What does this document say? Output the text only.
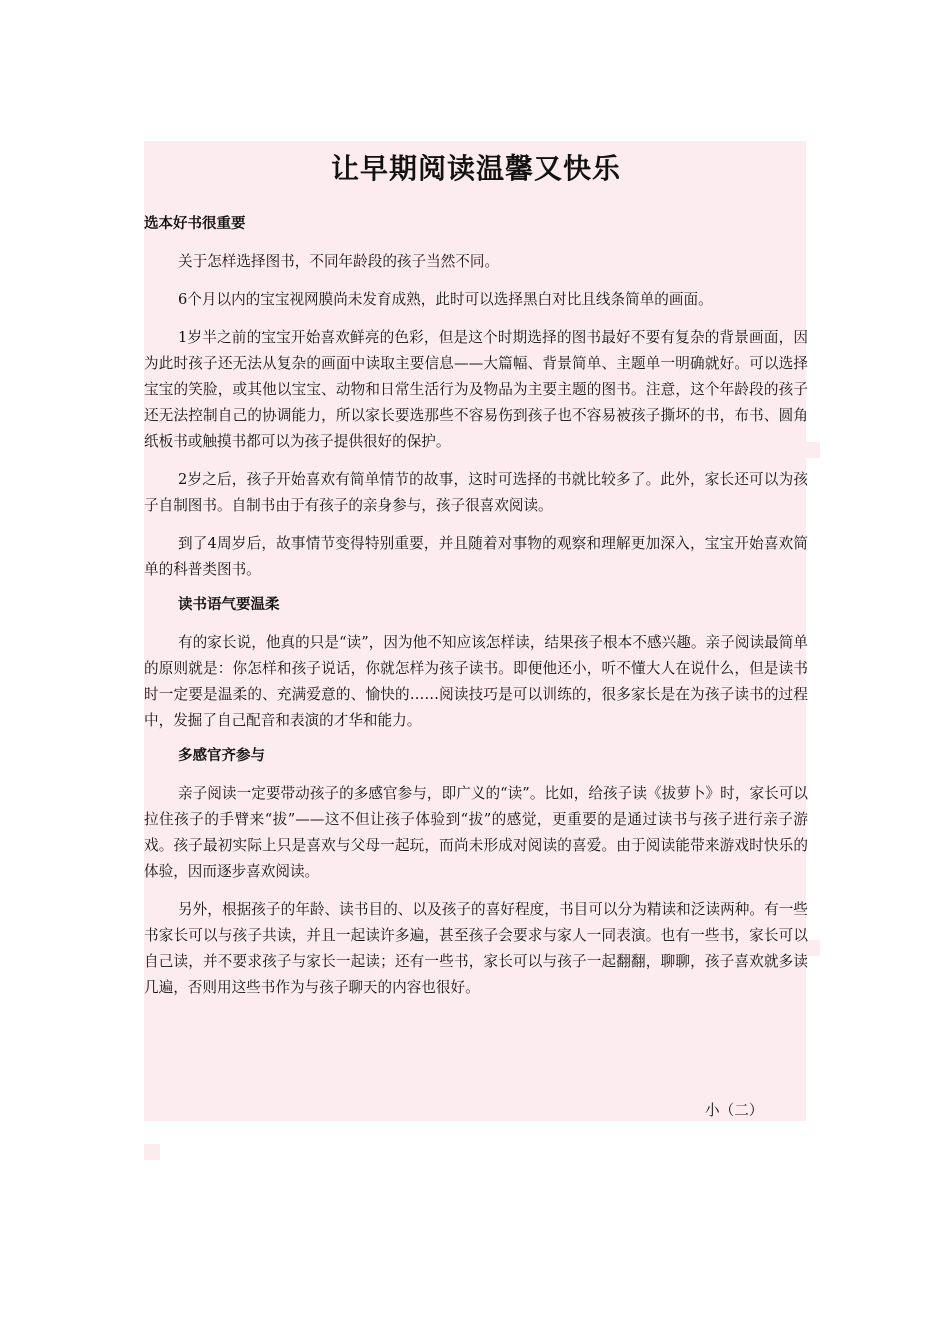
让早期阅读温馨又快乐
选本好书很重要

关于怎样选择图书，不同年龄段的孩子当然不同。

6个月以内的宝宝视网膜尚未发育成熟，此时可以选择黑白对比且线条简单的画面。

1岁半之前的宝宝开始喜欢鲜亮的色彩，但是这个时期选择的图书最好不要有复杂的背景画面，因为此时孩子还无法从复杂的画面中读取主要信息——大篇幅、背景简单、主题单一明确就好。可以选择宝宝的笑脸，或其他以宝宝、动物和日常生活行为及物品为主要主题的图书。注意，这个年龄段的孩子还无法控制自己的协调能力，所以家长要选那些不容易伤到孩子也不容易被孩子撕坏的书，布书、圆角纸板书或触摸书都可以为孩子提供很好的保护。

2岁之后，孩子开始喜欢有简单情节的故事，这时可选择的书就比较多了。此外，家长还可以为孩子自制图书。自制书由于有孩子的亲身参与，孩子很喜欢阅读。

到了4周岁后，故事情节变得特别重要，并且随着对事物的观察和理解更加深入，宝宝开始喜欢简单的科普类图书。

读书语气要温柔

有的家长说，他真的只是“读”，因为他不知应该怎样读，结果孩子根本不感兴趣。亲子阅读最简单的原则就是：你怎样和孩子说话，你就怎样为孩子读书。即便他还小，听不懂大人在说什么，但是读书时一定要是温柔的、充满爱意的、愉快的……阅读技巧是可以训练的，很多家长是在为孩子读书的过程中，发掘了自己配音和表演的才华和能力。

多感官齐参与

亲子阅读一定要带动孩子的多感官参与，即广义的“读”。比如，给孩子读《拔萝卜》时，家长可以拉住孩子的手臂来“拔”——这不但让孩子体验到“拔”的感觉，更重要的是通过读书与孩子进行亲子游戏。孩子最初实际上只是喜欢与父母一起玩，而尚未形成对阅读的喜爱。由于阅读能带来游戏时快乐的体验，因而逐步喜欢阅读。

另外，根据孩子的年龄、读书目的、以及孩子的喜好程度，书目可以分为精读和泛读两种。有一些书家长可以与孩子共读，并且一起读许多遍，甚至孩子会要求与家人一同表演。也有一些书，家长可以自己读，并不要求孩子与家长一起读；还有一些书，家长可以与孩子一起翻翻，聊聊，孩子喜欢就多读几遍，否则用这些书作为与孩子聊天的内容也很好。

小（二）
